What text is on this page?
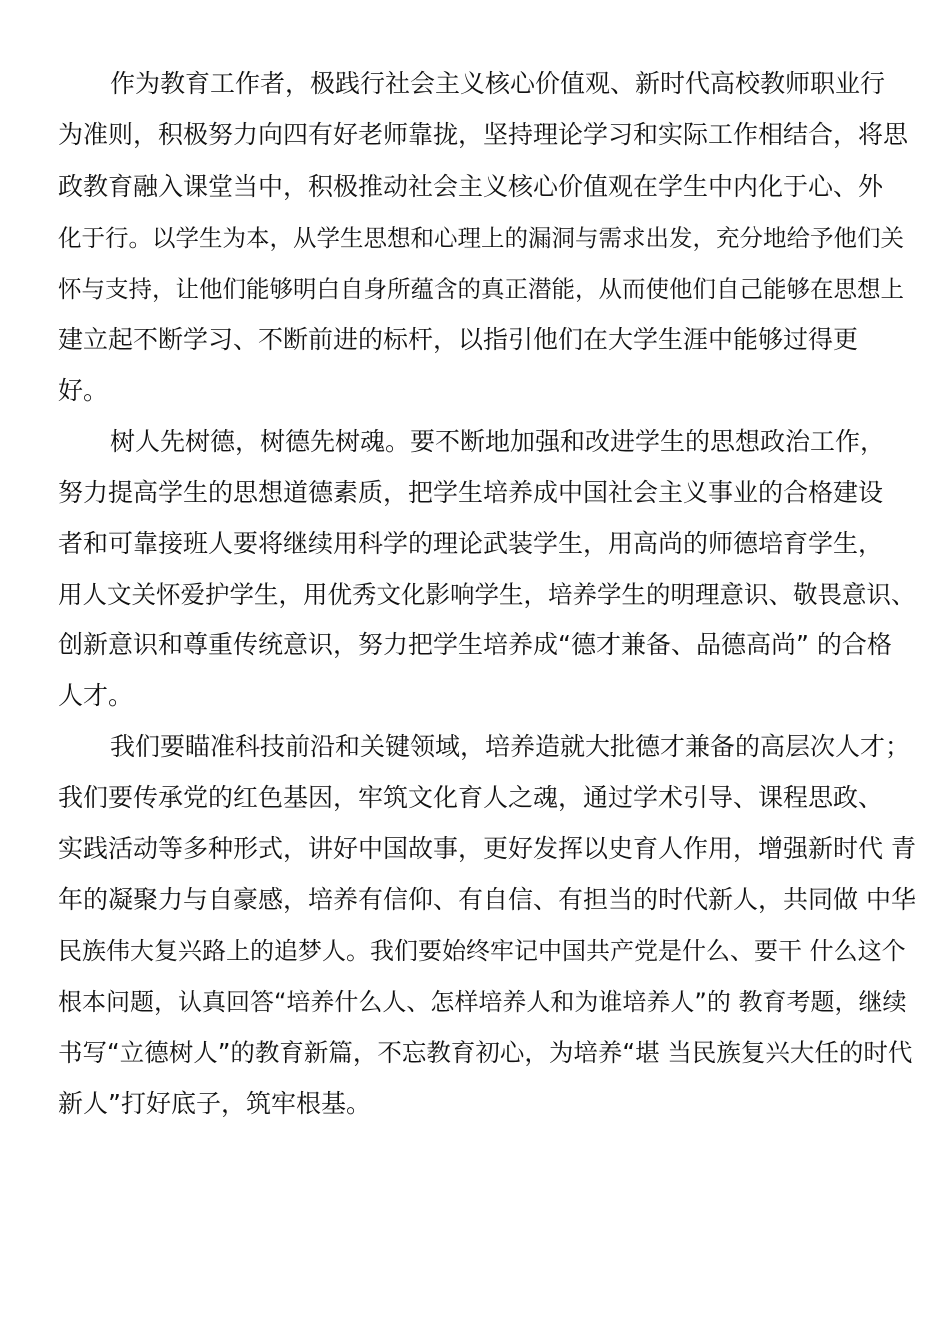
作为教育工作者，极践行社会主义核心价值观、新时代高校教师职业行
为准则，积极努力向四有好老师靠拢，坚持理论学习和实际工作相结合，将思
政教育融入课堂当中，积极推动社会主义核心价值观在学生中内化于心、外
化于行。以学生为本，从学生思想和心理上的漏洞与需求出发，充分地给予他们关
怀与支持，让他们能够明白自身所蕴含的真正潜能，从而使他们自己能够在思想上
建立起不断学习、不断前进的标杆，以指引他们在大学生涯中能够过得更
好。
树人先树德，树德先树魂。要不断地加强和改进学生的思想政治工作，
努力提高学生的思想道德素质，把学生培养成中国社会主义事业的合格建设
者和可靠接班人要将继续用科学的理论武装学生，用高尚的师德培育学生，
用人文关怀爱护学生，用优秀文化影响学生，培养学生的明理意识、敬畏意识、
创新意识和尊重传统意识，努力把学生培养成“德才兼备、品德高尚” 的合格
人才。
我们要瞄准科技前沿和关键领域，培养造就大批德才兼备的高层次人才；
我们要传承党的红色基因，牢筑文化育人之魂，通过学术引导、课程思政、
实践活动等多种形式，讲好中国故事，更好发挥以史育人作用，增强新时代 青
年的凝聚力与自豪感，培养有信仰、有自信、有担当的时代新人，共同做 中华
民族伟大复兴路上的追梦人。我们要始终牢记中国共产党是什么、要干 什么这个
根本问题，认真回答“培养什么人、怎样培养人和为谁培养人”的 教育考题，继续
书写“立德树人”的教育新篇，不忘教育初心，为培养“堪 当民族复兴大任的时代
新人”打好底子，筑牢根基。
